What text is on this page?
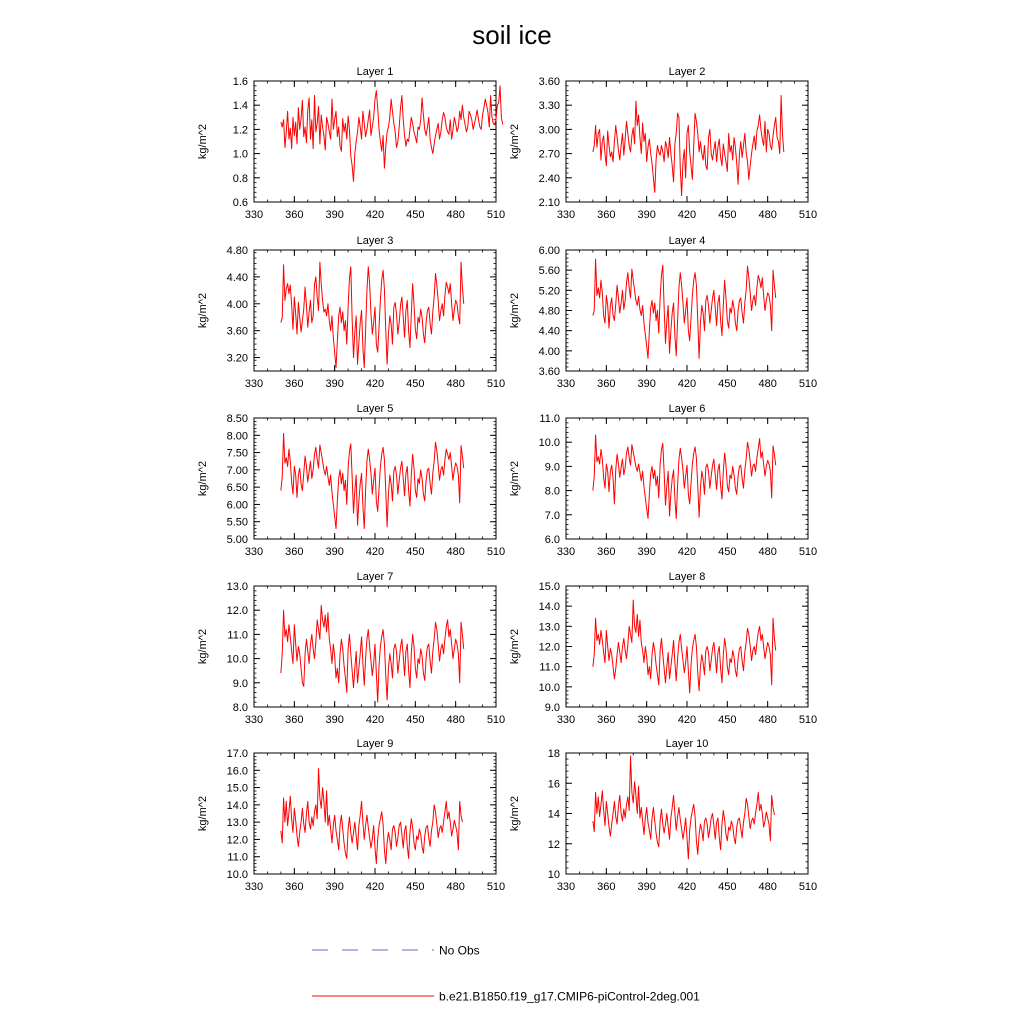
soil ice
Layer 1
kg/m^2
330 360 390 420 450 480 510
0.6
0.8
1.0
1.2
1.4
1.6
Layer 2
kg/m^2
330 360 390 420 450 480 510
2.10
2.40
2.70
3.00
3.30
3.60
Layer 3
kg/m^2
330 360 390 420 450 480 510
3.20
3.60
4.00
4.40
4.80
Layer 4
kg/m^2
330 360 390 420 450 480 510
3.60
4.00
4.40
4.80
5.20
5.60
6.00
Layer 5
kg/m^2
330 360 390 420 450 480 510
5.00
5.50
6.00
6.50
7.00
7.50
8.00
8.50
Layer 6
kg/m^2
330 360 390 420 450 480 510
6.0
7.0
8.0
9.0
10.0
11.0
Layer 7
kg/m^2
330 360 390 420 450 480 510
8.0
9.0
10.0
11.0
12.0
13.0
Layer 8
kg/m^2
330 360 390 420 450 480 510
9.0
10.0
11.0
12.0
13.0
14.0
15.0
Layer 9
kg/m^2
330 360 390 420 450 480 510
10.0
11.0
12.0
13.0
14.0
15.0
16.0
17.0
Layer 10
kg/m^2
330 360 390 420 450 480 510
10
12
14
16
18
No Obs
b.e21.B1850.f19_g17.CMIP6-piControl-2deg.001
